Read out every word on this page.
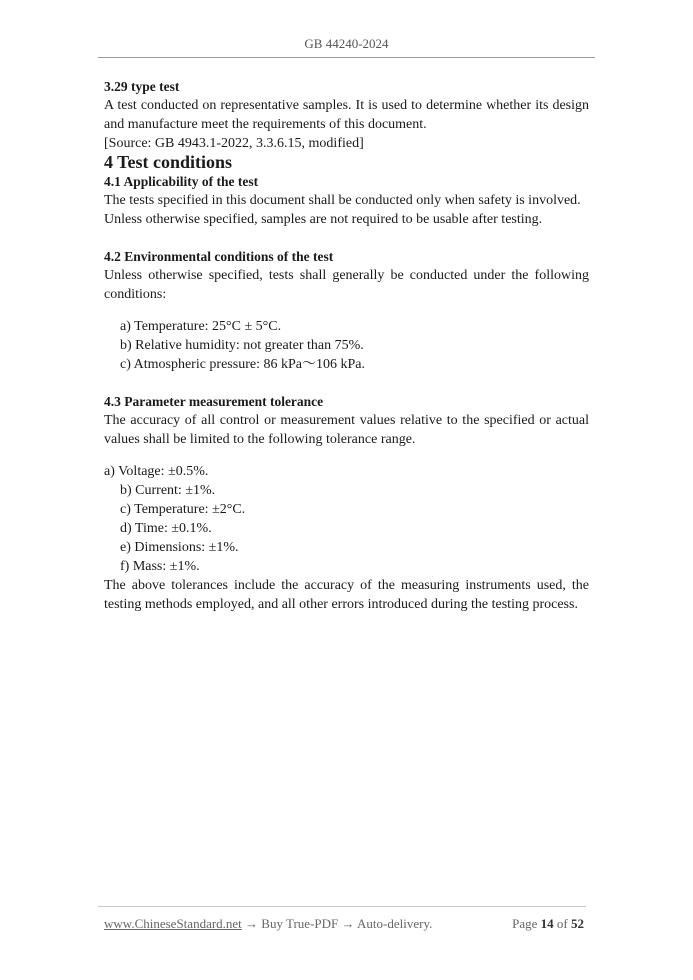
GB 44240-2024

3.29 type test

A test conducted on representative samples. It is used to determine whether its design and manufacture meet the requirements of this document.

[Source: GB 4943.1-2022, 3.3.6.15, modified]

4 Test conditions

4.1 Applicability of the test

The tests specified in this document shall be conducted only when safety is involved.

Unless otherwise specified, samples are not required to be usable after testing.

4.2 Environmental conditions of the test

Unless otherwise specified, tests shall generally be conducted under the following conditions:

a) Temperature: 25°C ± 5°C.

b) Relative humidity: not greater than 75%.

c) Atmospheric pressure: 86 kPa～106 kPa.

4.3 Parameter measurement tolerance

The accuracy of all control or measurement values relative to the specified or actual values shall be limited to the following tolerance range.

a) Voltage: ±0.5%.

b) Current: ±1%.

c) Temperature: ±2°C.

d) Time: ±0.1%.

e) Dimensions: ±1%.

f) Mass: ±1%.

The above tolerances include the accuracy of the measuring instruments used, the testing methods employed, and all other errors introduced during the testing process.

www.ChineseStandard.net → Buy True-PDF → Auto-delivery.	Page 14 of 52
